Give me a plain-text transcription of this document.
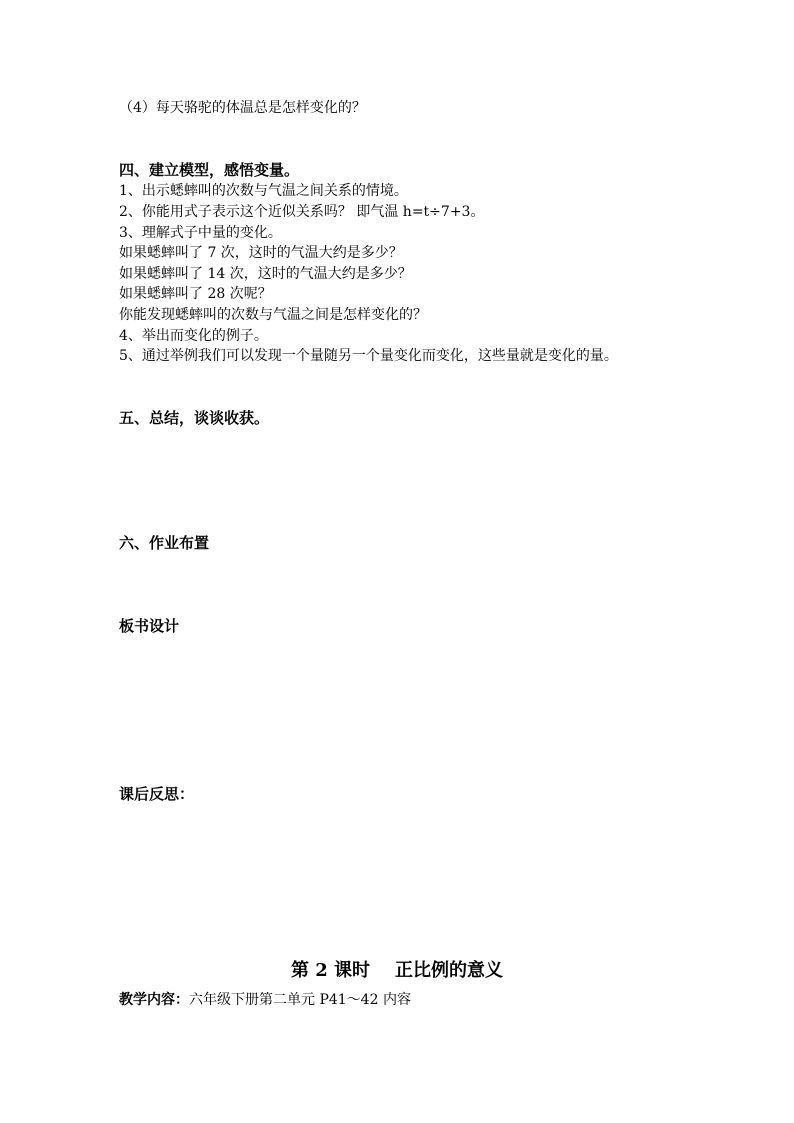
（4）每天骆驼的体温总是怎样变化的？
四、建立模型，感悟变量。
1、出示蟋蟀叫的次数与气温之间关系的情境。
2、你能用式子表示这个近似关系吗？ 即气温 h=t÷7+3。
3、理解式子中量的变化。
如果蟋蟀叫了 7 次，这时的气温大约是多少？
如果蟋蟀叫了 14 次，这时的气温大约是多少？
如果蟋蟀叫了 28 次呢？
你能发现蟋蟀叫的次数与气温之间是怎样变化的？
4、举出而变化的例子。
5、通过举例我们可以发现一个量随另一个量变化而变化，这些量就是变化的量。
五、总结，谈谈收获。
六、作业布置
板书设计
课后反思：
第 2 课时    正比例的意义
教学内容：六年级下册第二单元 P41～42 内容
